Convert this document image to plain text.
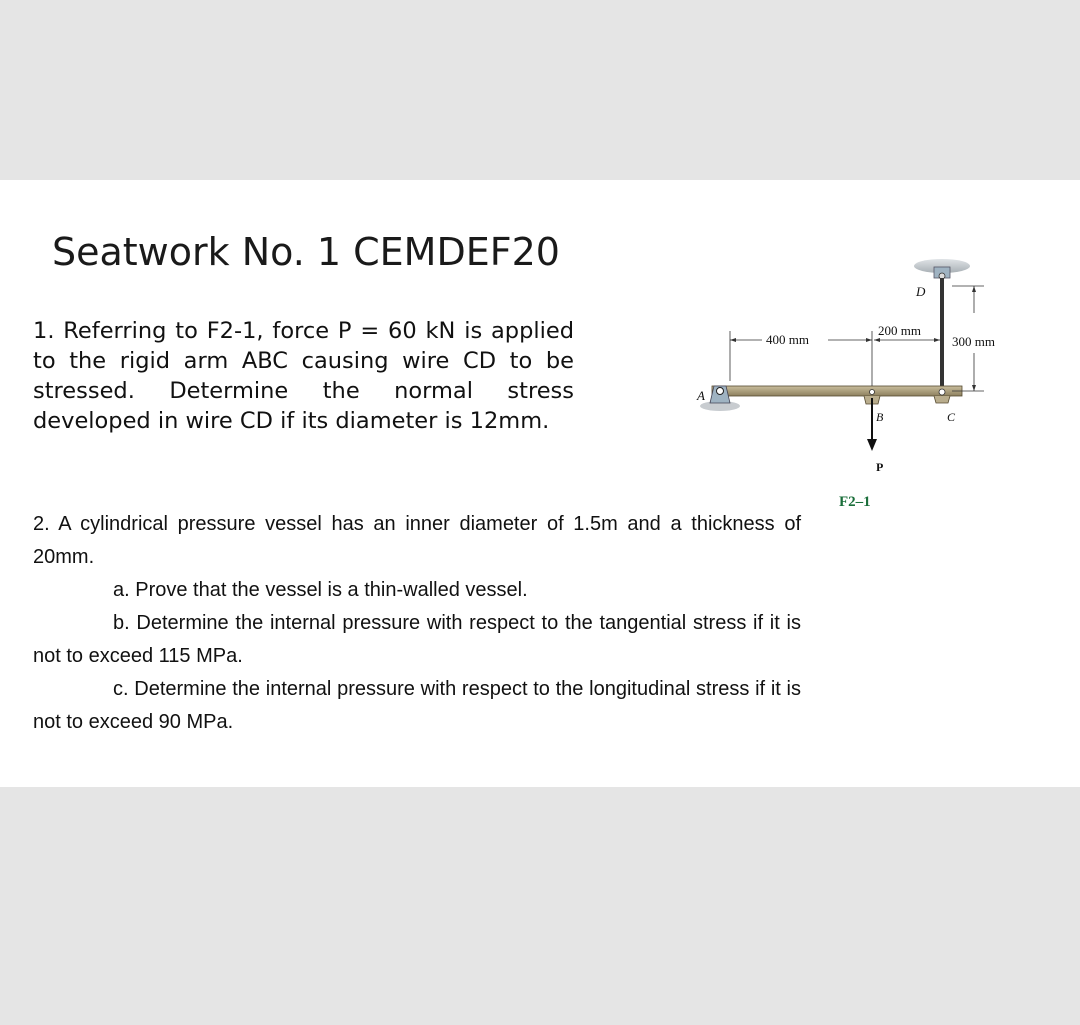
Seatwork No. 1 CEMDEF20
1. Referring to F2-1, force P = 60 kN is applied to the rigid arm ABC causing wire CD to be stressed. Determine the normal stress developed in wire CD if its diameter is 12mm.

2. A cylindrical pressure vessel has an inner diameter of 1.5m and a thickness of 20mm.

a. Prove that the vessel is a thin-walled vessel.

b. Determine the internal pressure with respect to the tangential stress if it is not to exceed 115 MPa.

c. Determine the internal pressure with respect to the longitudinal stress if it is not to exceed 90 MPa.

D
A
B	C
P
400 mm
200 mm
300 mm
F2–1
